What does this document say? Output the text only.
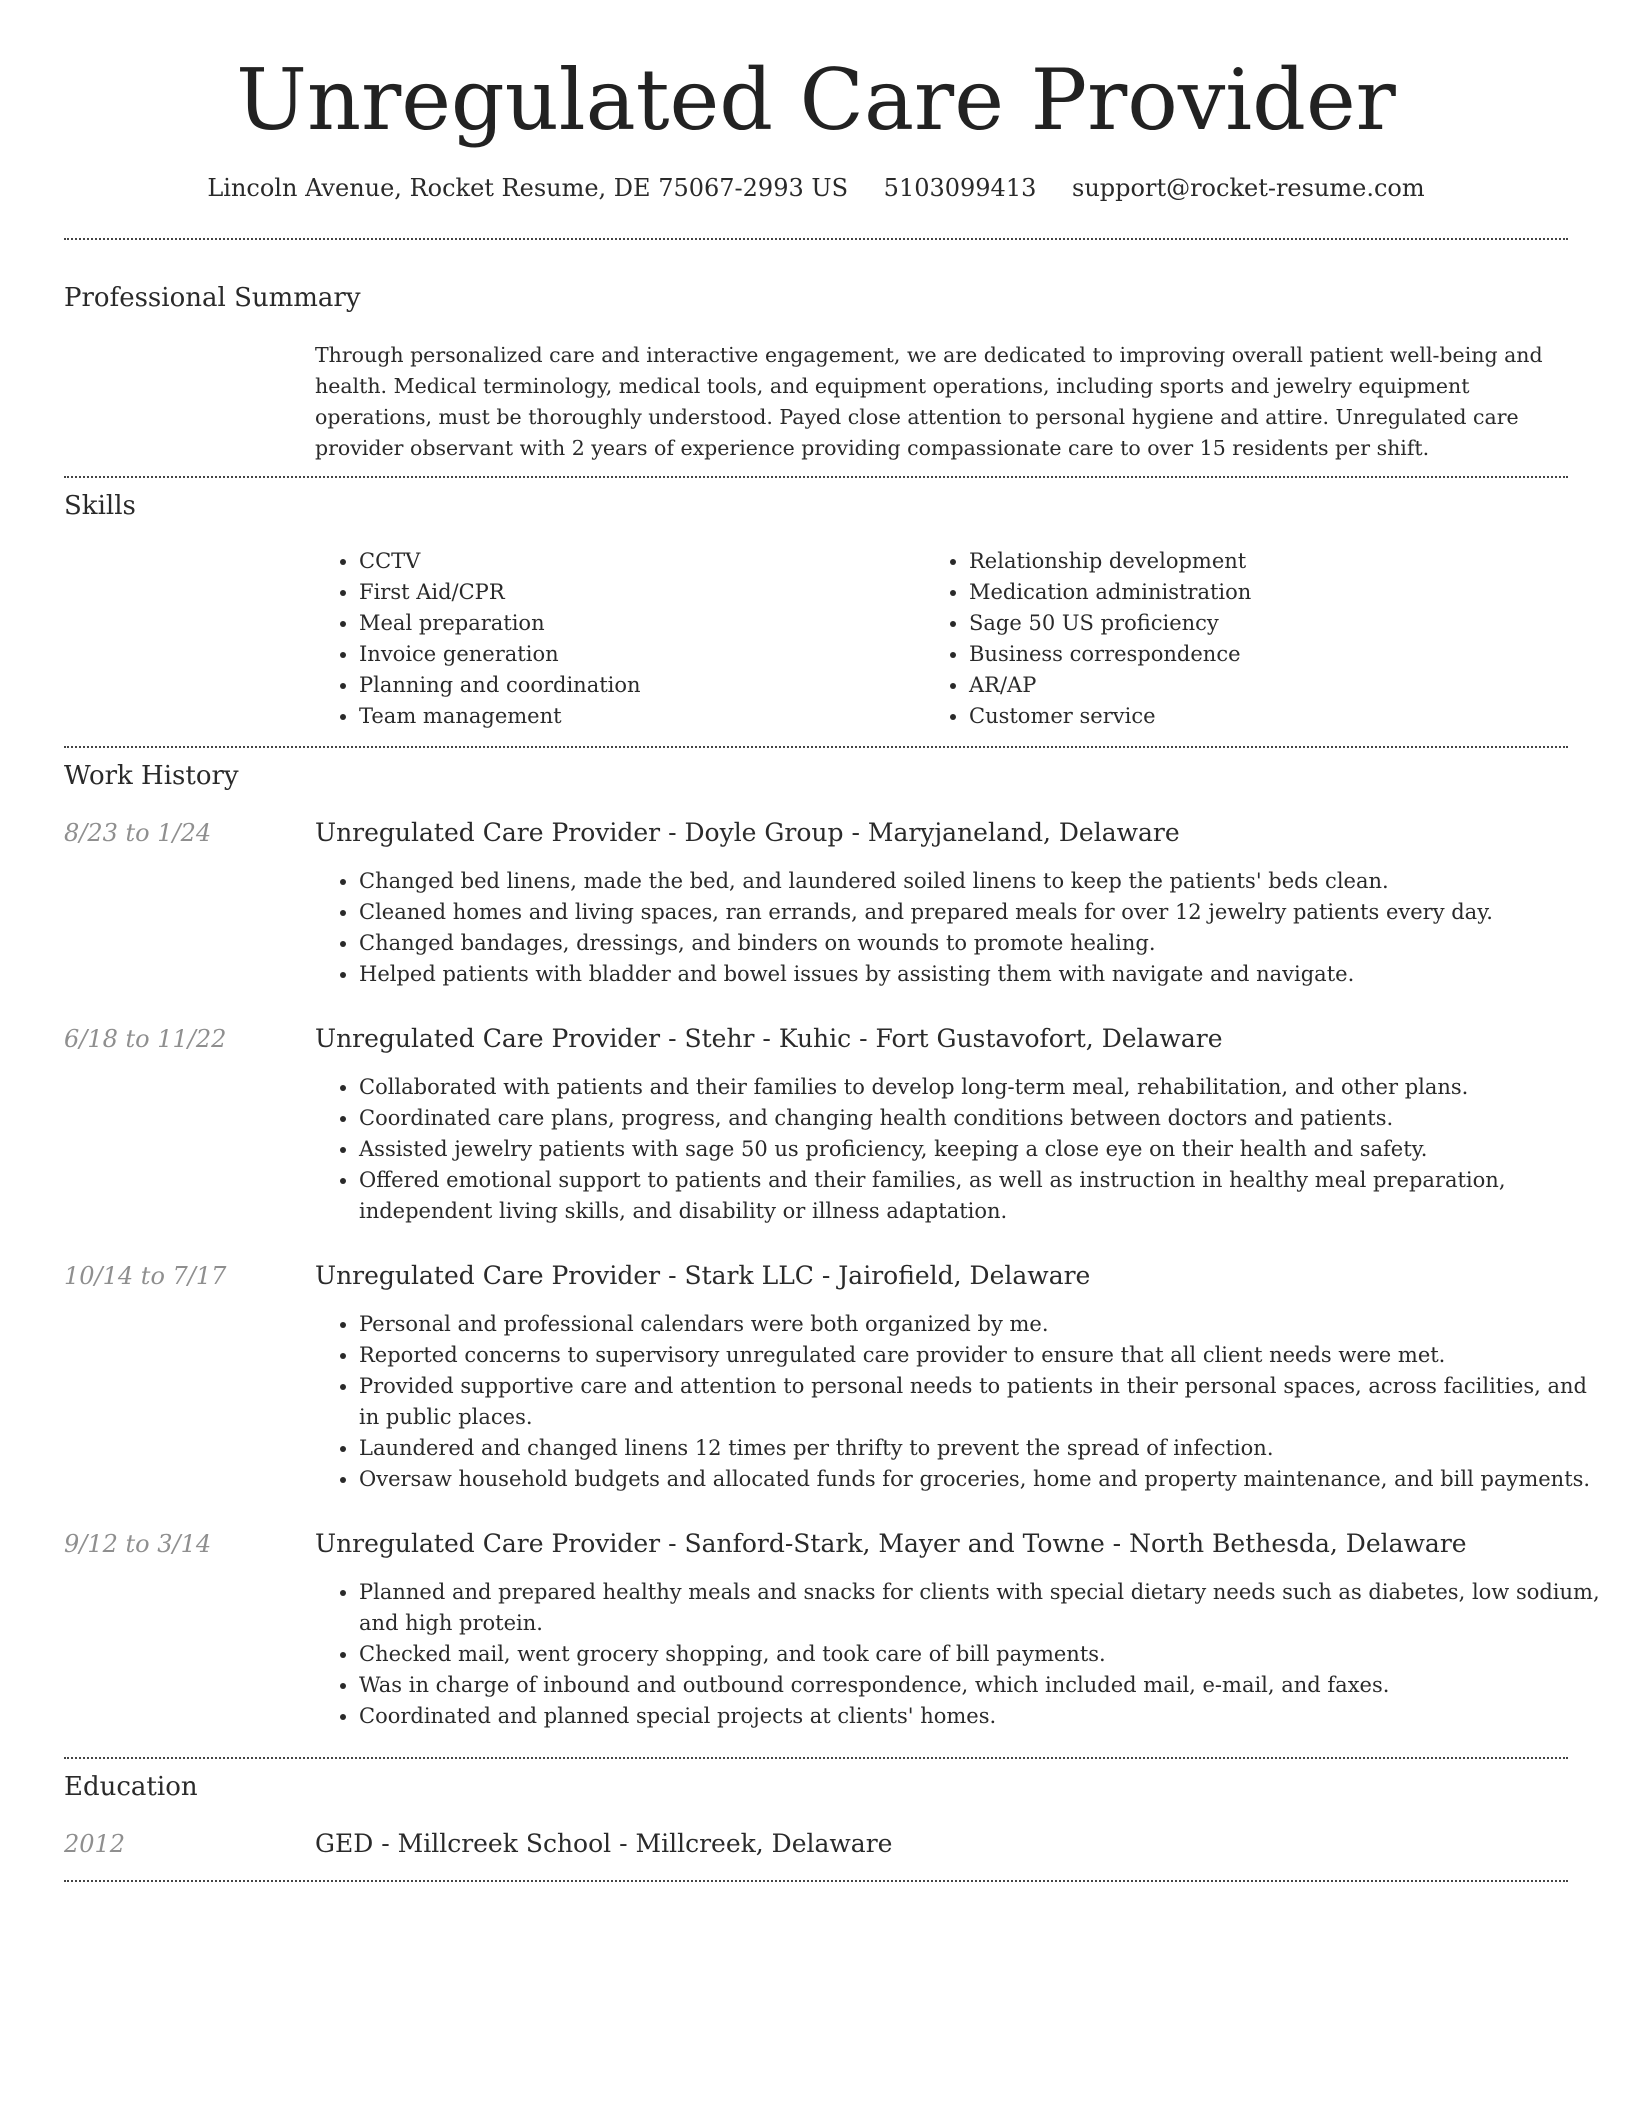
Unregulated Care Provider
Lincoln Avenue, Rocket Resume, DE 75067-2993 US 5103099413 support@rocket-resume.com
Professional Summary

Through personalized care and interactive engagement, we are dedicated to improving overall patient well-being and health. Medical terminology, medical tools, and equipment operations, including sports and jewelry equipment operations, must be thoroughly understood. Payed close attention to personal hygiene and attire. Unregulated care provider observant with 2 years of experience providing compassionate care to over 15 residents per shift.

Skills
• CCTV
• First Aid/CPR
• Meal preparation
• Invoice generation
• Planning and coordination
• Team management
• Relationship development
• Medication administration
• Sage 50 US proficiency
• Business correspondence
• AR/AP
• Customer service
Work History
8/23 to 1/24	Unregulated Care Provider - Doyle Group - Maryjaneland, Delaware
• Changed bed linens, made the bed, and laundered soiled linens to keep the patients' beds clean.
• Cleaned homes and living spaces, ran errands, and prepared meals for over 12 jewelry patients every day.
• Changed bandages, dressings, and binders on wounds to promote healing.
• Helped patients with bladder and bowel issues by assisting them with navigate and navigate.
6/18 to 11/22	Unregulated Care Provider - Stehr - Kuhic - Fort Gustavofort, Delaware
• Collaborated with patients and their families to develop long-term meal, rehabilitation, and other plans.
• Coordinated care plans, progress, and changing health conditions between doctors and patients.
• Assisted jewelry patients with sage 50 us proficiency, keeping a close eye on their health and safety.
• Offered emotional support to patients and their families, as well as instruction in healthy meal preparation, independent living skills, and disability or illness adaptation.
10/14 to 7/17	Unregulated Care Provider - Stark LLC - Jairofield, Delaware
• Personal and professional calendars were both organized by me.
• Reported concerns to supervisory unregulated care provider to ensure that all client needs were met.
• Provided supportive care and attention to personal needs to patients in their personal spaces, across facilities, and in public places.
• Laundered and changed linens 12 times per thrifty to prevent the spread of infection.
• Oversaw household budgets and allocated funds for groceries, home and property maintenance, and bill payments.
9/12 to 3/14	Unregulated Care Provider - Sanford-Stark, Mayer and Towne - North Bethesda, Delaware
• Planned and prepared healthy meals and snacks for clients with special dietary needs such as diabetes, low sodium, and high protein.
• Checked mail, went grocery shopping, and took care of bill payments.
• Was in charge of inbound and outbound correspondence, which included mail, e-mail, and faxes.
• Coordinated and planned special projects at clients' homes.
Education
2012	GED - Millcreek School - Millcreek, Delaware
